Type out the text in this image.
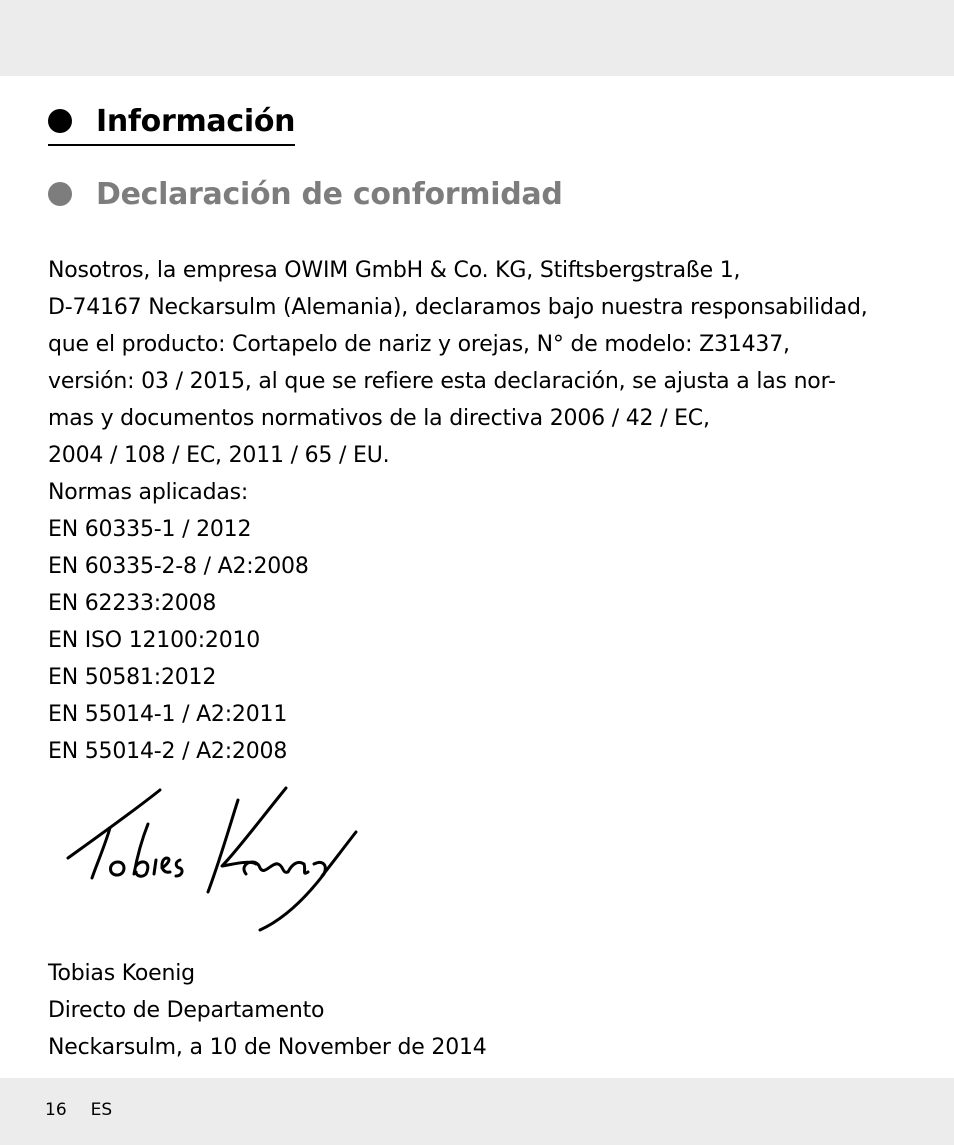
Información
Declaración de conformidad
Nosotros, la empresa OWIM GmbH & Co. KG, Stiftsbergstraße 1,
D-74167 Neckarsulm (Alemania), declaramos bajo nuestra responsabilidad,
que el producto: Cortapelo de nariz y orejas, N° de modelo: Z31437,
versión: 03 / 2015, al que se refiere esta declaración, se ajusta a las nor-
mas y documentos normativos de la directiva 2006 / 42 / EC,
2004 / 108 / EC, 2011 / 65 / EU.
Normas aplicadas:
EN 60335-1 / 2012
EN 60335-2-8 / A2:2008
EN 62233:2008
EN ISO 12100:2010
EN 50581:2012
EN 55014-1 / A2:2011
EN 55014-2 / A2:2008
Tobias Koenig
Directo de Departamento
Neckarsulm, a 10 de November de 2014
16 ES
